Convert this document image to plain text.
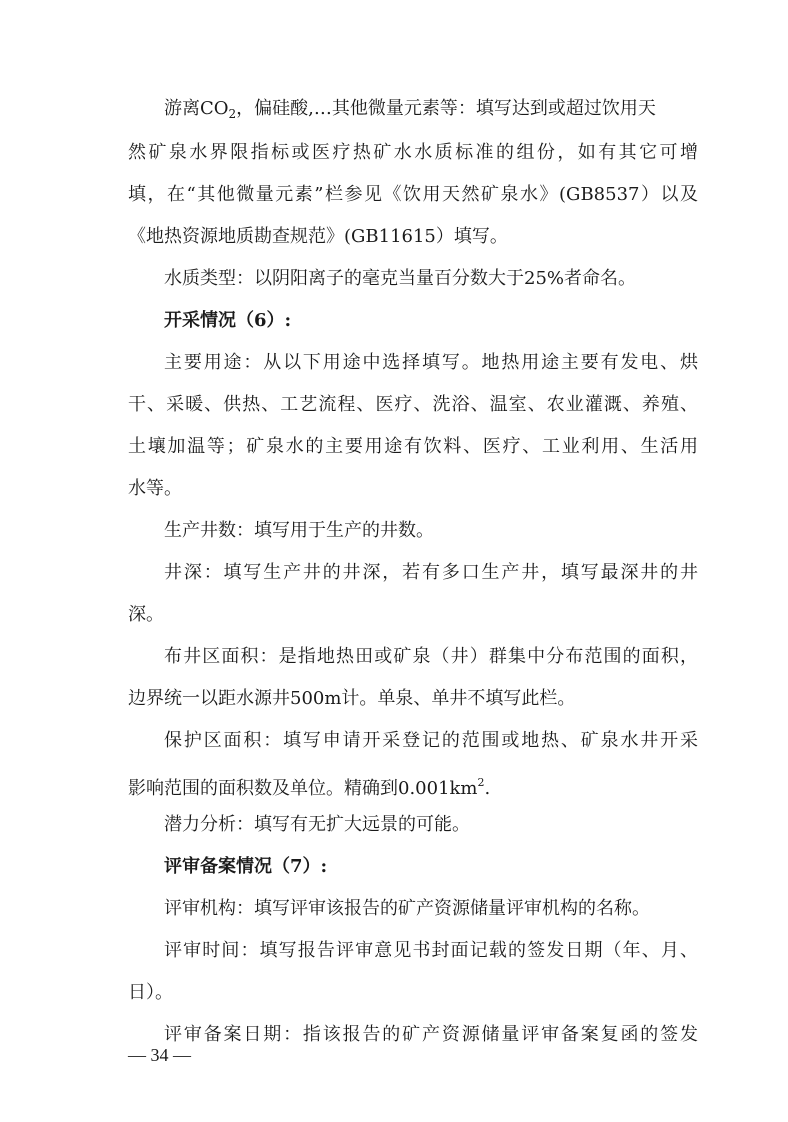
游离CO2，偏硅酸,…其他微量元素等：填写达到或超过饮用天
然矿泉水界限指标或医疗热矿水水质标准的组份，如有其它可增
填，在“其他微量元素”栏参见《饮用天然矿泉水》(GB8537）以及
《地热资源地质勘查规范》(GB11615）填写。
水质类型：以阴阳离子的毫克当量百分数大于25%者命名。
开采情况（6）:
主要用途：从以下用途中选择填写。地热用途主要有发电、烘
干、采暖、供热、工艺流程、医疗、洗浴、温室、农业灌溉、养殖、
土壤加温等；矿泉水的主要用途有饮料、医疗、工业利用、生活用
水等。
生产井数：填写用于生产的井数。
井深：填写生产井的井深，若有多口生产井，填写最深井的井
深。
布井区面积：是指地热田或矿泉（井）群集中分布范围的面积，
边界统一以距水源井500m计。单泉、单井不填写此栏。
保护区面积：填写申请开采登记的范围或地热、矿泉水井开采
影响范围的面积数及单位。精确到0.001km2.
潜力分析：填写有无扩大远景的可能。
评审备案情况（7）:
评审机构：填写评审该报告的矿产资源储量评审机构的名称。
评审时间：填写报告评审意见书封面记载的签发日期（年、月、
日）。
评审备案日期：指该报告的矿产资源储量评审备案复函的签发
— 34 —
